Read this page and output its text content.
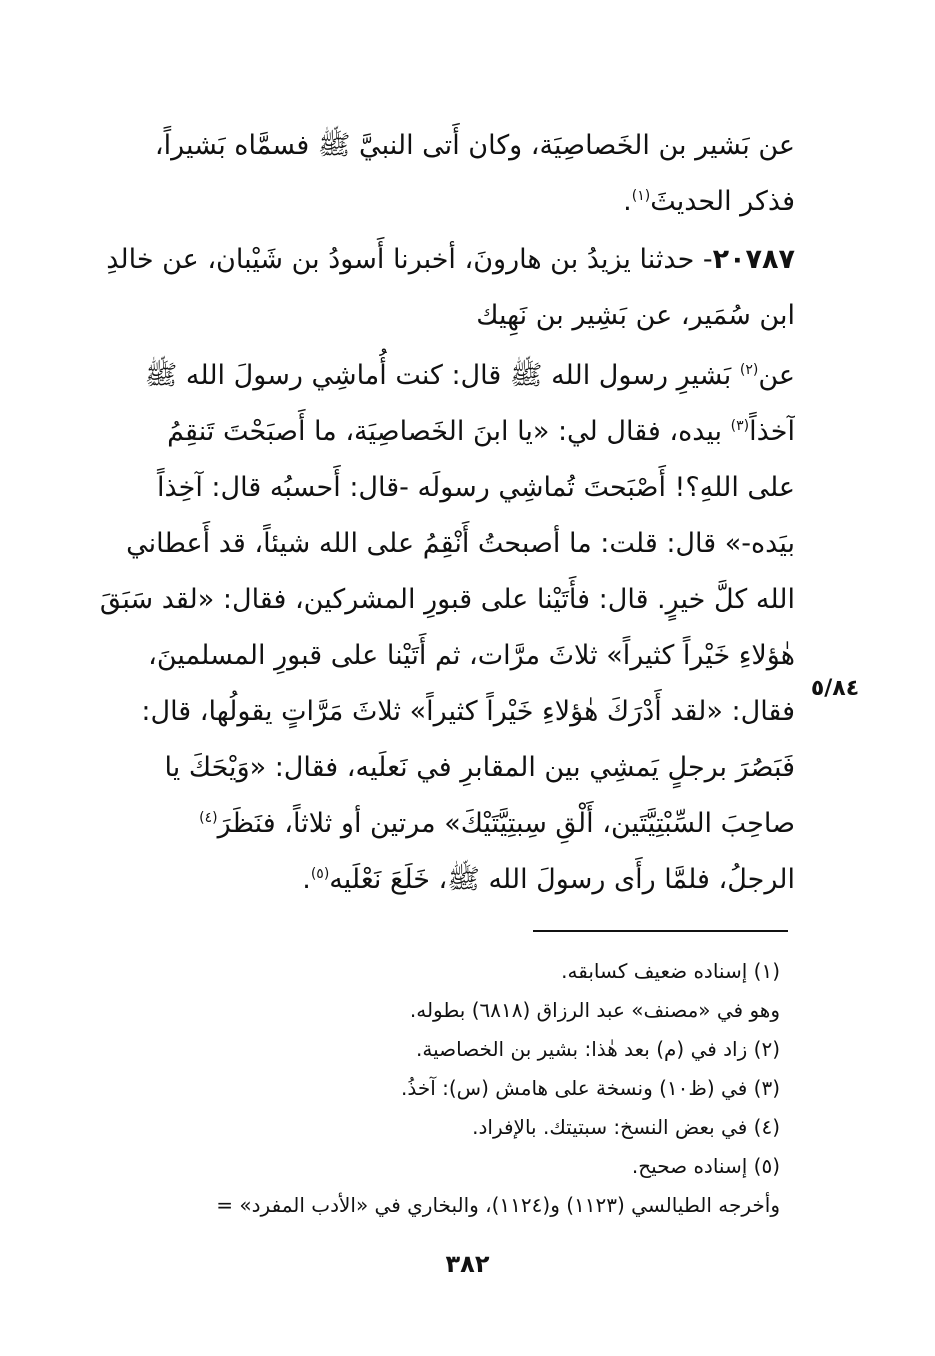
عن بَشير بن الخَصاصِيَة، وكان أَتى النبيَّ ﷺ فسمَّاه بَشيراً،
فذكر الحديثَ$^{(١)}$.
٢٠٧٨٧- حدثنا يزيدُ بن هارونَ، أخبرنا أَسودُ بن شَيْبان، عن خالدِ
ابن سُمَير، عن بَشِير بن نَهِيك
عن$^{(٢)}$ بَشيرِ رسول الله ﷺ قال: كنت أُماشِي رسولَ الله ﷺ
آخذاً$^{(٣)}$ بيده، فقال لي: «يا ابنَ الخَصاصِيَة، ما أَصبَحْتَ تَنقِمُ
على اللهِ؟! أَصْبَحتَ تُماشِي رسولَه -قال: أَحسبُه قال: آخِذاً
بيَده-» قال: قلت: ما أصبحتُ أَنْقِمُ على الله شيئاً، قد أَعطاني
الله كلَّ خيرٍ. قال: فأَتَيْنا على قبورِ المشركين، فقال: «لقد سَبَقَ
هٰؤلاءِ خَيْراً كثيراً» ثلاثَ مرَّات، ثم أَتَيْنا على قبورِ المسلمينَ،
فقال: «لقد أَدْرَكَ هٰؤلاءِ خَيْراً كثيراً» ثلاثَ مَرَّاتٍ يقولُها، قال:
فَبَصُرَ برجلٍ يَمشِي بين المقابرِ في نَعلَيه، فقال: «وَيْحَكَ يا
صاحِبَ السِّبْتِيَّتَين، أَلْقِ سِبتِيَّتَيْكَ» مرتين أو ثلاثاً، فنَظَرَ$^{(٤)}$
الرجلُ، فلمَّا رأَى رسولَ الله ﷺ، خَلَعَ نَعْلَيه$^{(٥)}$.
٥/٨٤
(١) إسناده ضعيف كسابقه.
وهو في «مصنف» عبد الرزاق (٦٨١٨) بطوله.
(٢) زاد في (م) بعد هٰذا: بشير بن الخصاصية.
(٣) في (ظ١٠) ونسخة على هامش (س): آخذُ.
(٤) في بعض النسخ: سبتيتك. بالإفراد.
(٥) إسناده صحيح.
وأخرجه الطيالسي (١١٢٣) و(١١٢٤)، والبخاري في «الأدب المفرد» =
٣٨٢
